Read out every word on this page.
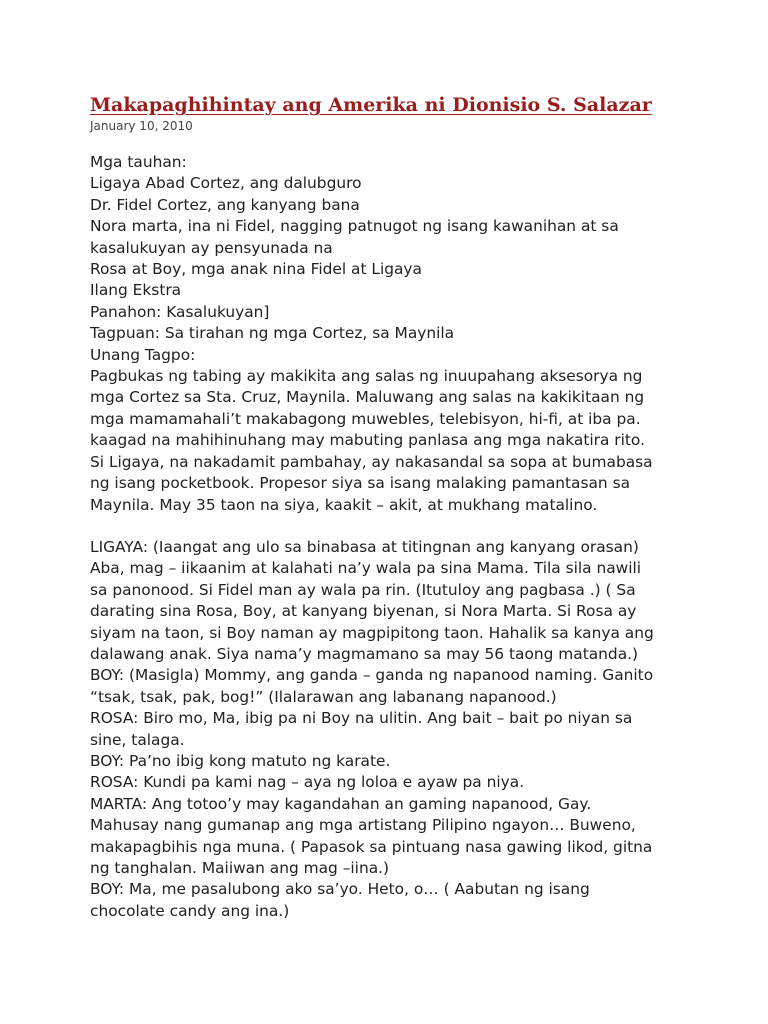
Makapaghihintay ang Amerika ni Dionisio S. Salazar
January 10, 2010
Mga tauhan:
Ligaya Abad Cortez, ang dalubguro
Dr. Fidel Cortez, ang kanyang bana
Nora marta, ina ni Fidel, nagging patnugot ng isang kawanihan at sa
kasalukuyan ay pensyunada na
Rosa at Boy, mga anak nina Fidel at Ligaya
Ilang Ekstra
Panahon: Kasalukuyan]
Tagpuan: Sa tirahan ng mga Cortez, sa Maynila
Unang Tagpo:
Pagbukas ng tabing ay makikita ang salas ng inuupahang aksesorya ng
mga Cortez sa Sta. Cruz, Maynila. Maluwang ang salas na kakikitaan ng
mga mamamahali’t makabagong muwebles, telebisyon, hi-fi, at iba pa.
kaagad na mahihinuhang may mabuting panlasa ang mga nakatira rito.
Si Ligaya, na nakadamit pambahay, ay nakasandal sa sopa at bumabasa
ng isang pocketbook. Propesor siya sa isang malaking pamantasan sa
Maynila. May 35 taon na siya, kaakit – akit, at mukhang matalino.
LIGAYA: (Iaangat ang ulo sa binabasa at titingnan ang kanyang orasan)
Aba, mag – iikaanim at kalahati na’y wala pa sina Mama. Tila sila nawili
sa panonood. Si Fidel man ay wala pa rin. (Itutuloy ang pagbasa .) ( Sa
darating sina Rosa, Boy, at kanyang biyenan, si Nora Marta. Si Rosa ay
siyam na taon, si Boy naman ay magpipitong taon. Hahalik sa kanya ang
dalawang anak. Siya nama’y magmamano sa may 56 taong matanda.)
BOY: (Masigla) Mommy, ang ganda – ganda ng napanood naming. Ganito
“tsak, tsak, pak, bog!” (Ilalarawan ang labanang napanood.)
ROSA: Biro mo, Ma, ibig pa ni Boy na ulitin. Ang bait – bait po niyan sa
sine, talaga.
BOY: Pa’no ibig kong matuto ng karate.
ROSA: Kundi pa kami nag – aya ng loloa e ayaw pa niya.
MARTA: Ang totoo’y may kagandahan an gaming napanood, Gay.
Mahusay nang gumanap ang mga artistang Pilipino ngayon… Buweno,
makapagbihis nga muna. ( Papasok sa pintuang nasa gawing likod, gitna
ng tanghalan. Maiiwan ang mag –iina.)
BOY: Ma, me pasalubong ako sa’yo. Heto, o… ( Aabutan ng isang
chocolate candy ang ina.)
